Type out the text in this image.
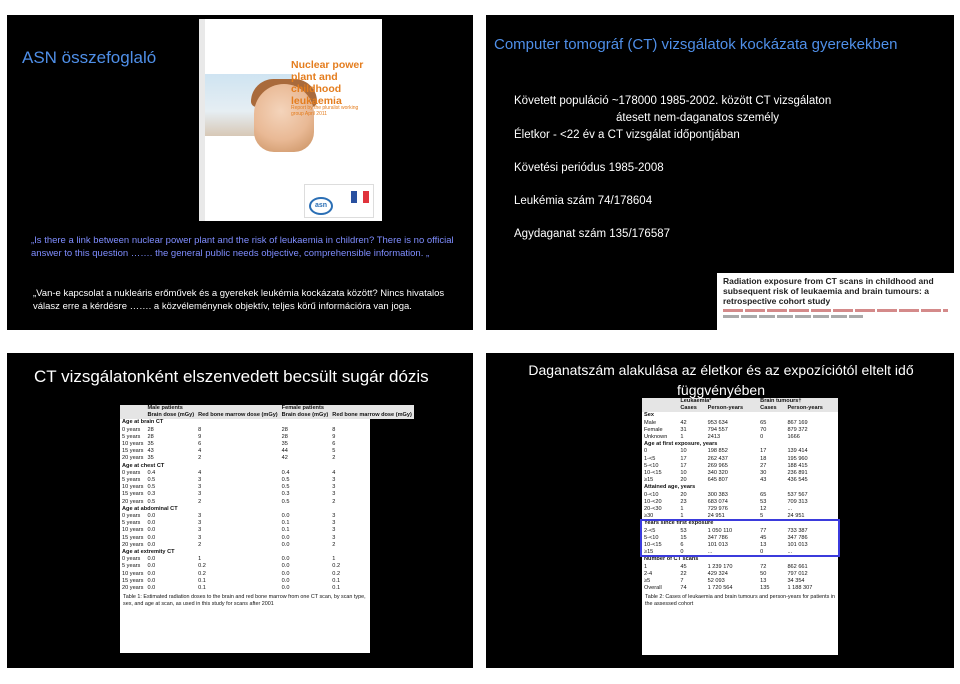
ASN összefoglaló	Nuclear power plant and childhood leukaemia
Report by the pluralist working group April 2011
asn
„Is there a link between nuclear power plant and the risk of leukaemia in children? There is no official answer to this question ……. the general public needs objective, comprehensible information. „
„Van-e kapcsolat a nukleáris erőművek és a gyerekek leukémia kockázata között? Nincs hivatalos válasz erre a kérdésre ……. a közvéleménynek objektív, teljes körű információra van joga.
Computer tomográf (CT) vizsgálatok kockázata gyerekekben
Követett populáció ~178000 1985-2002. között CT vizsgálaton
átesett nem-daganatos személy
Életkor - <22 év a CT vizsgálat időpontjában
Követési periódus 1985-2008
Leukémia szám 74/178604
Agydaganat szám 135/176587
Radiation exposure from CT scans in childhood and subsequent risk of leukaemia and brain tumours: a retrospective cohort study
CT vizsgálatonként elszenvedett becsült sugár dózis
	Male patients		Female patients	
	Brain dose (mGy)	Red bone marrow dose (mGy)	Brain dose (mGy)	Red bone marrow dose (mGy)
Age at brain CT				
0 years	28	8	28	8
5 years	28	9	28	9
10 years	35	6	35	6
15 years	43	4	44	5
20 years	35	2	42	2
Age at chest CT				
0 years	0.4	4	0.4	4
5 years	0.5	3	0.5	3
10 years	0.5	3	0.5	3
15 years	0.3	3	0.3	3
20 years	0.5	2	0.5	2
Age at abdominal CT				
0 years	0.0	3	0.0	3
5 years	0.0	3	0.1	3
10 years	0.0	3	0.1	3
15 years	0.0	3	0.0	3
20 years	0.0	2	0.0	2
Age at extremity CT				
0 years	0.0	1	0.0	1
5 years	0.0	0.2	0.0	0.2
10 years	0.0	0.2	0.0	0.2
15 years	0.0	0.1	0.0	0.1
20 years	0.0	0.1	0.0	0.1
Table 1: Estimated radiation doses to the brain and red bone marrow from one CT scan, by scan type, sex, and age at scan, as used in this study for scans after 2001
Daganatszám alakulása az életkor és az expozíciótól eltelt idő függvényében
	Leukaemia*		Brain tumours†	
	Cases	Person-years	Cases	Person-years
Sex				
Male	42	953 634	65	867 169
Female	31	794 557	70	879 372
Unknown	1	2413	0	1666
Age at first exposure, years				
0	10	198 852	17	139 414
1-<5	17	262 437	18	195 960
5-<10	17	269 965	27	188 415
10-<15	10	340 320	30	236 891
≥15	20	645 807	43	436 545
Attained age, years				
0-<10	20	300 383	65	537 567
10-<20	23	683 074	53	709 313
20-<30	1	729 976	12	...
≥30	1	24 951	5	24 951
Years since first exposure				
2-<5	53	1 050 110	77	733 387
5-<10	15	347 786	45	347 786
10-<15	6	101 013	13	101 013
≥15	0	...	0	...
Number of CT scans				
1	45	1 239 170	72	862 661
2-4	22	429 324	50	797 012
≥5	7	52 093	13	34 354
Overall	74	1 720 564	135	1 188 307
Table 2: Cases of leukaemia and brain tumours and person-years for patients in the assessed cohort
